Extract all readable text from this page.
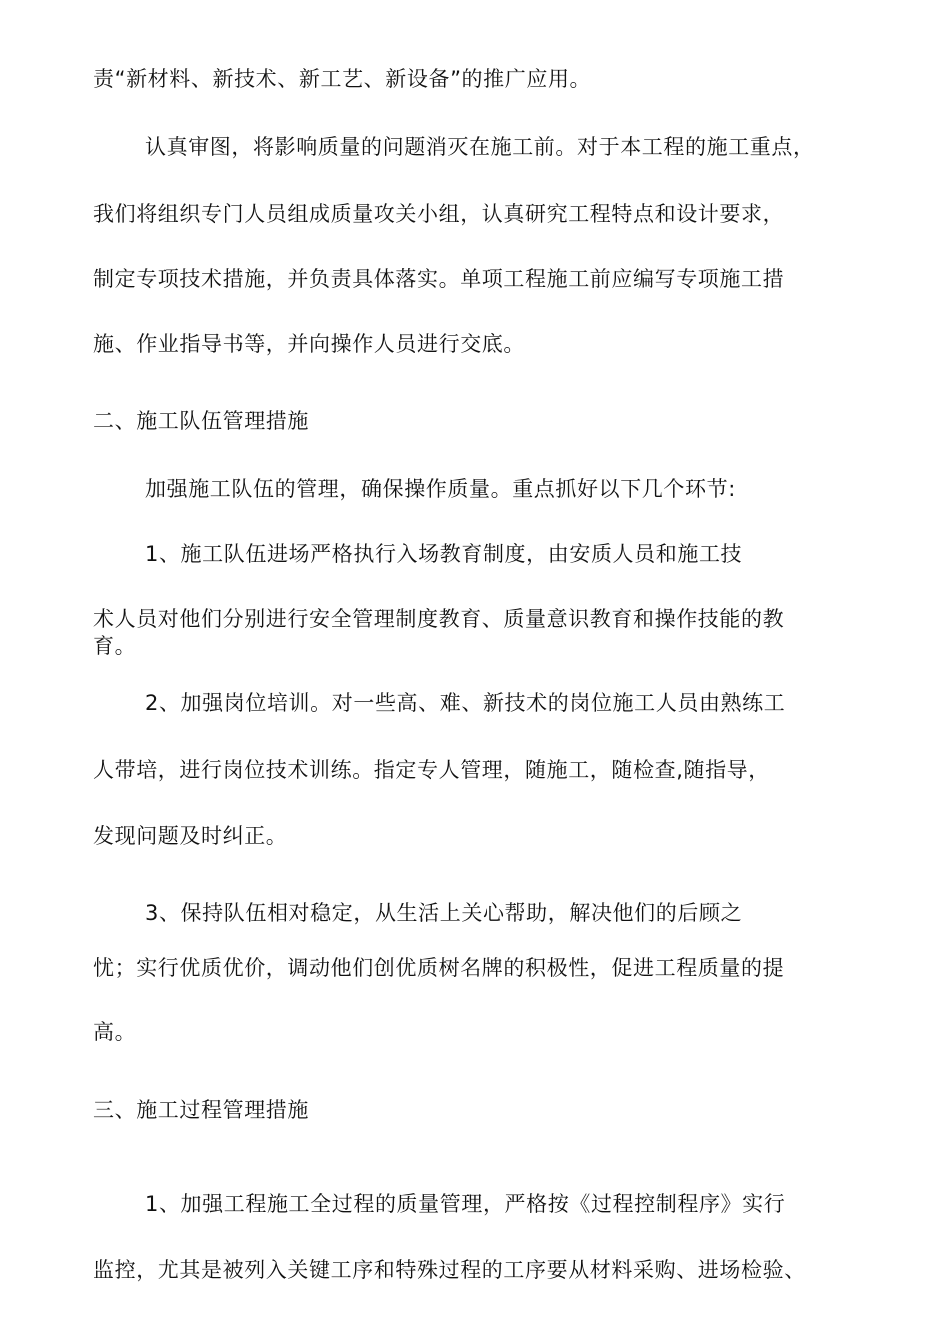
责“新材料、新技术、新工艺、新设备”的推广应用。
认真审图，将影响质量的问题消灭在施工前。对于本工程的施工重点，
我们将组织专门人员组成质量攻关小组，认真研究工程特点和设计要求，
制定专项技术措施，并负责具体落实。单项工程施工前应编写专项施工措
施、作业指导书等，并向操作人员进行交底。
二、施工队伍管理措施
加强施工队伍的管理，确保操作质量。重点抓好以下几个环节:
1、施工队伍进场严格执行入场教育制度，由安质人员和施工技
术人员对他们分别进行安全管理制度教育、质量意识教育和操作技能的教
育。
2、加强岗位培训。对一些高、难、新技术的岗位施工人员由熟练工
人带培，进行岗位技术训练。指定专人管理，随施工，随检查,随指导，
发现问题及时纠正。
3、保持队伍相对稳定，从生活上关心帮助，解决他们的后顾之
忧；实行优质优价，调动他们创优质树名牌的积极性，促进工程质量的提
高。
三、施工过程管理措施
1、加强工程施工全过程的质量管理，严格按《过程控制程序》实行
监控，尤其是被列入关键工序和特殊过程的工序要从材料采购、进场检验、
